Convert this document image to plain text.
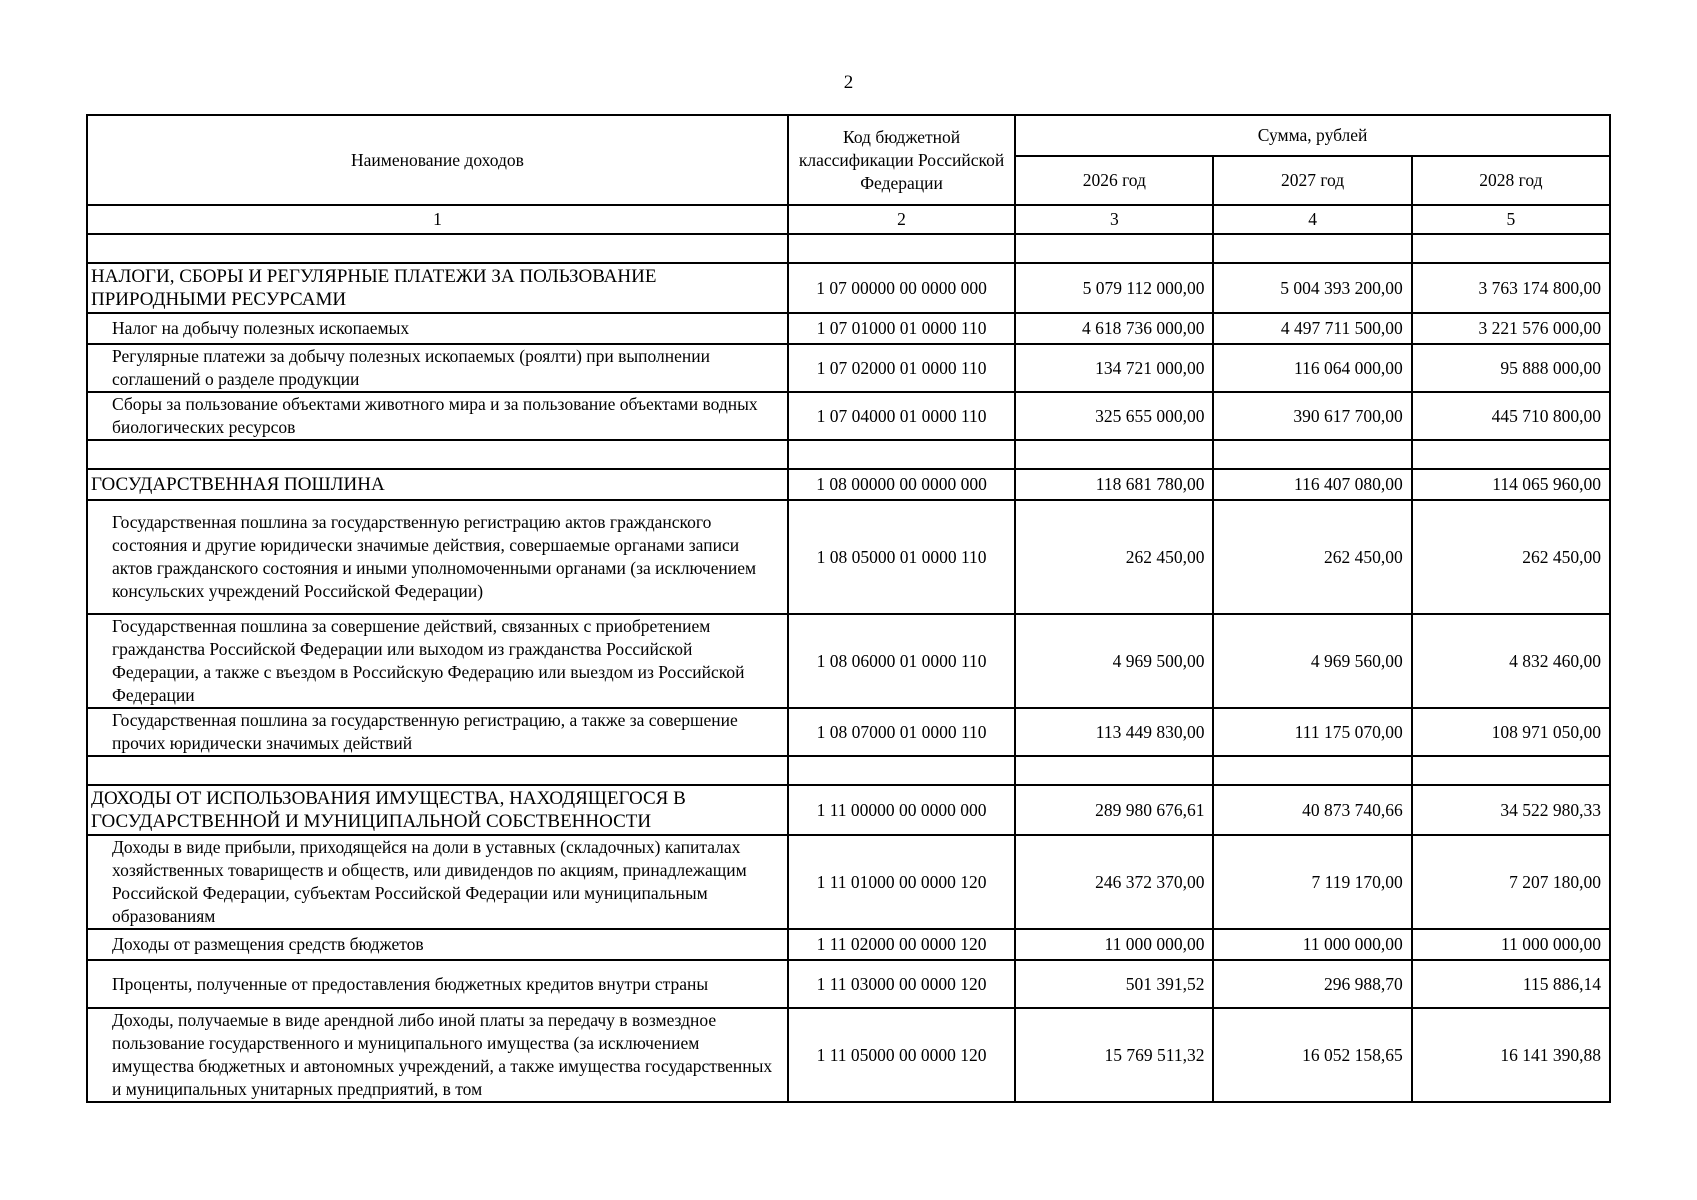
2
Наименование доходов	Код бюджетной классификации Российской Федерации	Сумма, рублей		
		2026 год	2027 год	2028 год
1	2	3	4	5

НАЛОГИ, СБОРЫ И РЕГУЛЯРНЫЕ ПЛАТЕЖИ ЗА ПОЛЬЗОВАНИЕ ПРИРОДНЫМИ РЕСУРСАМИ	1 07 00000 00 0000 000	5 079 112 000,00	5 004 393 200,00	3 763 174 800,00
Налог на добычу полезных ископаемых	1 07 01000 01 0000 110	4 618 736 000,00	4 497 711 500,00	3 221 576 000,00
Регулярные платежи за добычу полезных ископаемых (роялти) при выполнении соглашений о разделе продукции	1 07 02000 01 0000 110	134 721 000,00	116 064 000,00	95 888 000,00
Сборы за пользование объектами животного мира и за пользование объектами водных биологических ресурсов	1 07 04000 01 0000 110	325 655 000,00	390 617 700,00	445 710 800,00

ГОСУДАРСТВЕННАЯ ПОШЛИНА	1 08 00000 00 0000 000	118 681 780,00	116 407 080,00	114 065 960,00
Государственная пошлина за государственную регистрацию актов гражданского состояния и другие юридически значимые действия, совершаемые органами записи актов гражданского состояния и иными уполномоченными органами (за исключением консульских учреждений Российской Федерации)	1 08 05000 01 0000 110	262 450,00	262 450,00	262 450,00
Государственная пошлина за совершение действий, связанных с приобретением гражданства Российской Федерации или выходом из гражданства Российской Федерации, а также с въездом в Российскую Федерацию или выездом из Российской Федерации	1 08 06000 01 0000 110	4 969 500,00	4 969 560,00	4 832 460,00
Государственная пошлина за государственную регистрацию, а также за совершение прочих юридически значимых действий	1 08 07000 01 0000 110	113 449 830,00	111 175 070,00	108 971 050,00

ДОХОДЫ ОТ ИСПОЛЬЗОВАНИЯ ИМУЩЕСТВА, НАХОДЯЩЕГОСЯ В ГОСУДАРСТВЕННОЙ И МУНИЦИПАЛЬНОЙ СОБСТВЕННОСТИ	1 11 00000 00 0000 000	289 980 676,61	40 873 740,66	34 522 980,33
Доходы в виде прибыли, приходящейся на доли в уставных (складочных) капиталах хозяйственных товариществ и обществ, или дивидендов по акциям, принадлежащим Российской Федерации, субъектам Российской Федерации или муниципальным образованиям	1 11 01000 00 0000 120	246 372 370,00	7 119 170,00	7 207 180,00
Доходы от размещения средств бюджетов	1 11 02000 00 0000 120	11 000 000,00	11 000 000,00	11 000 000,00
Проценты, полученные от предоставления бюджетных кредитов внутри страны	1 11 03000 00 0000 120	501 391,52	296 988,70	115 886,14
Доходы, получаемые в виде арендной либо иной платы за передачу в возмездное пользование государственного и муниципального имущества (за исключением имущества бюджетных и автономных учреждений, а также имущества государственных и муниципальных унитарных предприятий, в том	1 11 05000 00 0000 120	15 769 511,32	16 052 158,65	16 141 390,88
